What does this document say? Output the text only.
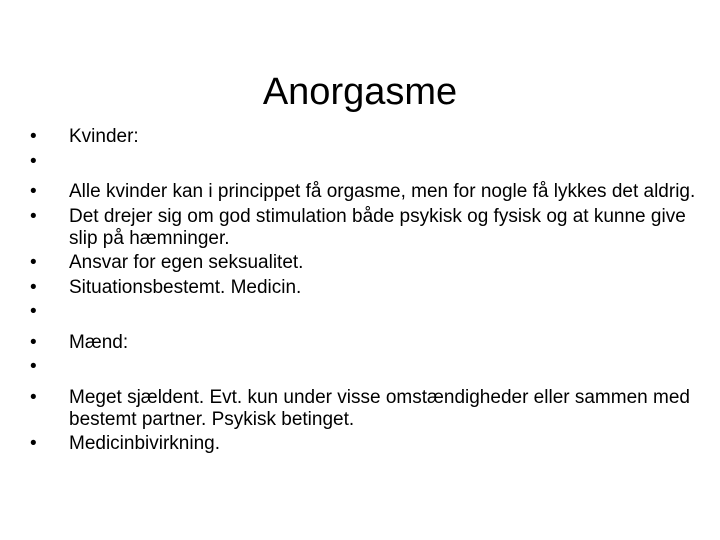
Anorgasme
• Kvinder:
•
• Alle kvinder kan i princippet få orgasme, men for nogle få lykkes det aldrig.
• Det drejer sig om god stimulation både psykisk og fysisk og at kunne give slip på hæmninger.
• Ansvar for egen seksualitet.
• Situationsbestemt. Medicin.
•
• Mænd:
•
• Meget sjældent. Evt. kun under visse omstændigheder eller sammen med bestemt partner. Psykisk betinget.
• Medicinbivirkning.
